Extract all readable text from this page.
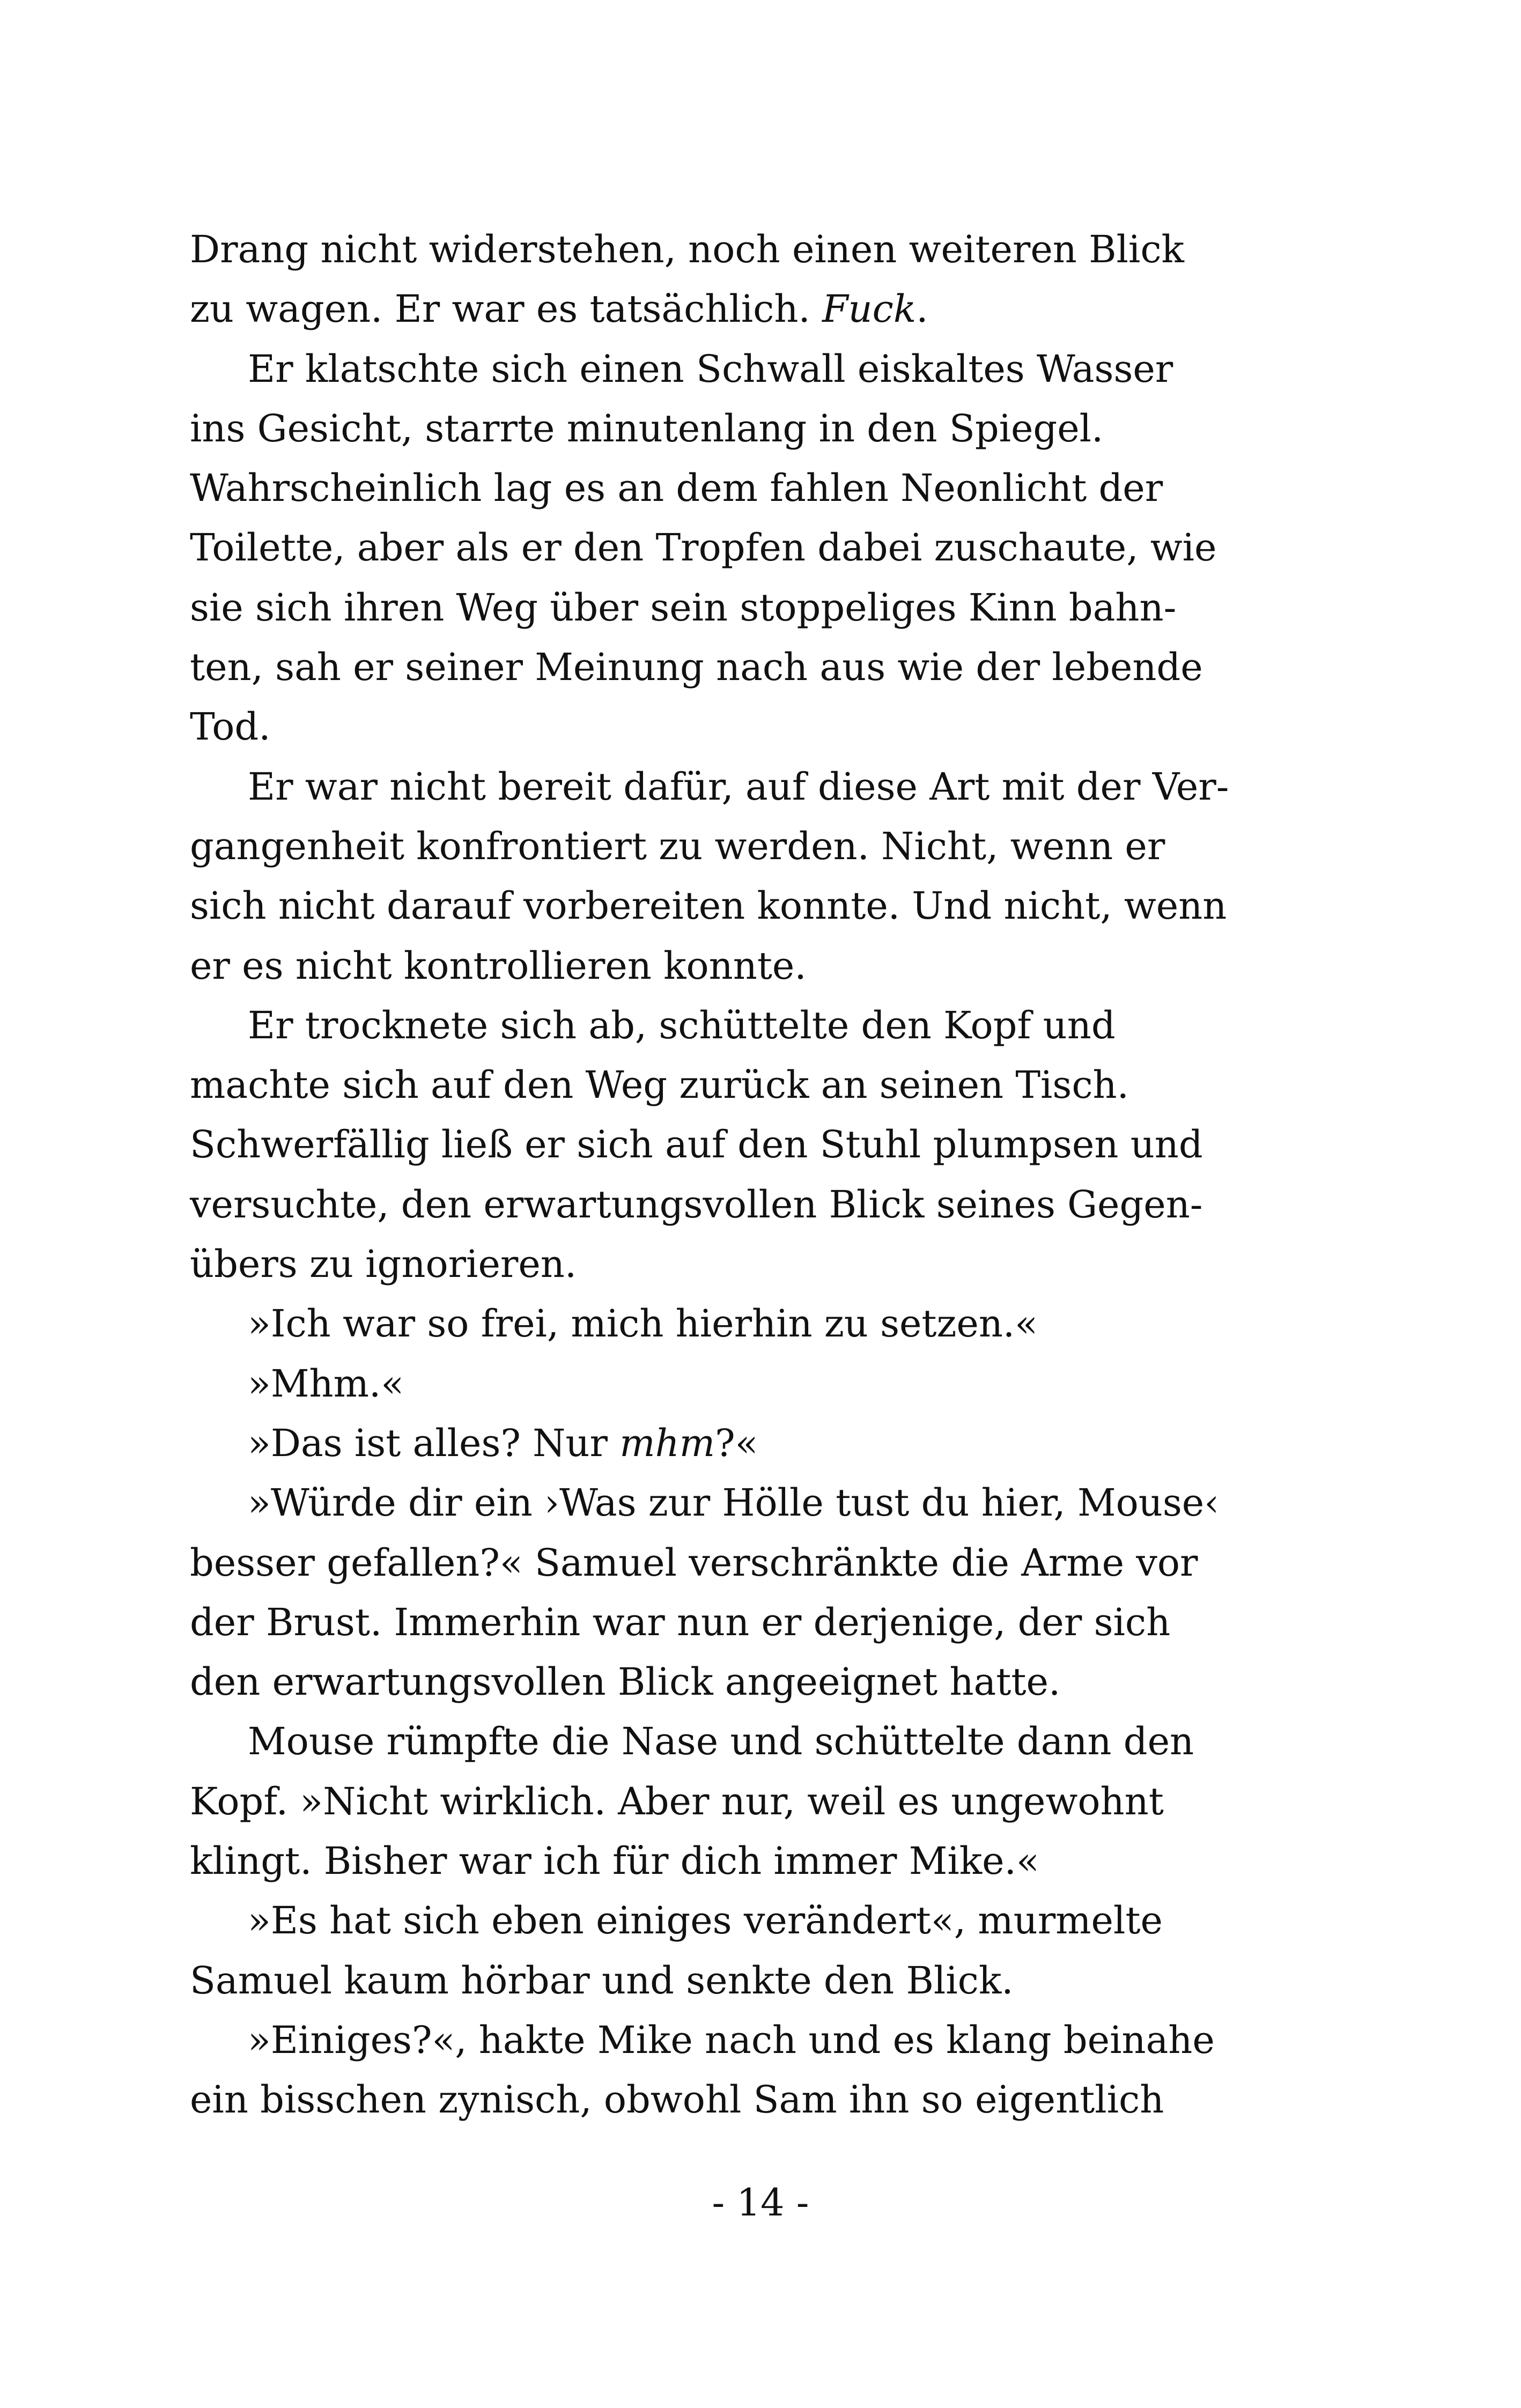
Drang nicht widerstehen, noch einen weiteren Blick
zu wagen. Er war es tatsächlich. Fuck.
Er klatschte sich einen Schwall eiskaltes Wasser
ins Gesicht, starrte minutenlang in den Spiegel.
Wahrscheinlich lag es an dem fahlen Neonlicht der
Toilette, aber als er den Tropfen dabei zuschaute, wie
sie sich ihren Weg über sein stoppeliges Kinn bahn-
ten, sah er seiner Meinung nach aus wie der lebende
Tod.
Er war nicht bereit dafür, auf diese Art mit der Ver-
gangenheit konfrontiert zu werden. Nicht, wenn er
sich nicht darauf vorbereiten konnte. Und nicht, wenn
er es nicht kontrollieren konnte.
Er trocknete sich ab, schüttelte den Kopf und
machte sich auf den Weg zurück an seinen Tisch.
Schwerfällig ließ er sich auf den Stuhl plumpsen und
versuchte, den erwartungsvollen Blick seines Gegen-
übers zu ignorieren.
»Ich war so frei, mich hierhin zu setzen.«
»Mhm.«
»Das ist alles? Nur mhm?«
»Würde dir ein ›Was zur Hölle tust du hier, Mouse‹
besser gefallen?« Samuel verschränkte die Arme vor
der Brust. Immerhin war nun er derjenige, der sich
den erwartungsvollen Blick angeeignet hatte.
Mouse rümpfte die Nase und schüttelte dann den
Kopf. »Nicht wirklich. Aber nur, weil es ungewohnt
klingt. Bisher war ich für dich immer Mike.«
»Es hat sich eben einiges verändert«, murmelte
Samuel kaum hörbar und senkte den Blick.
»Einiges?«, hakte Mike nach und es klang beinahe
ein bisschen zynisch, obwohl Sam ihn so eigentlich
- 14 -
